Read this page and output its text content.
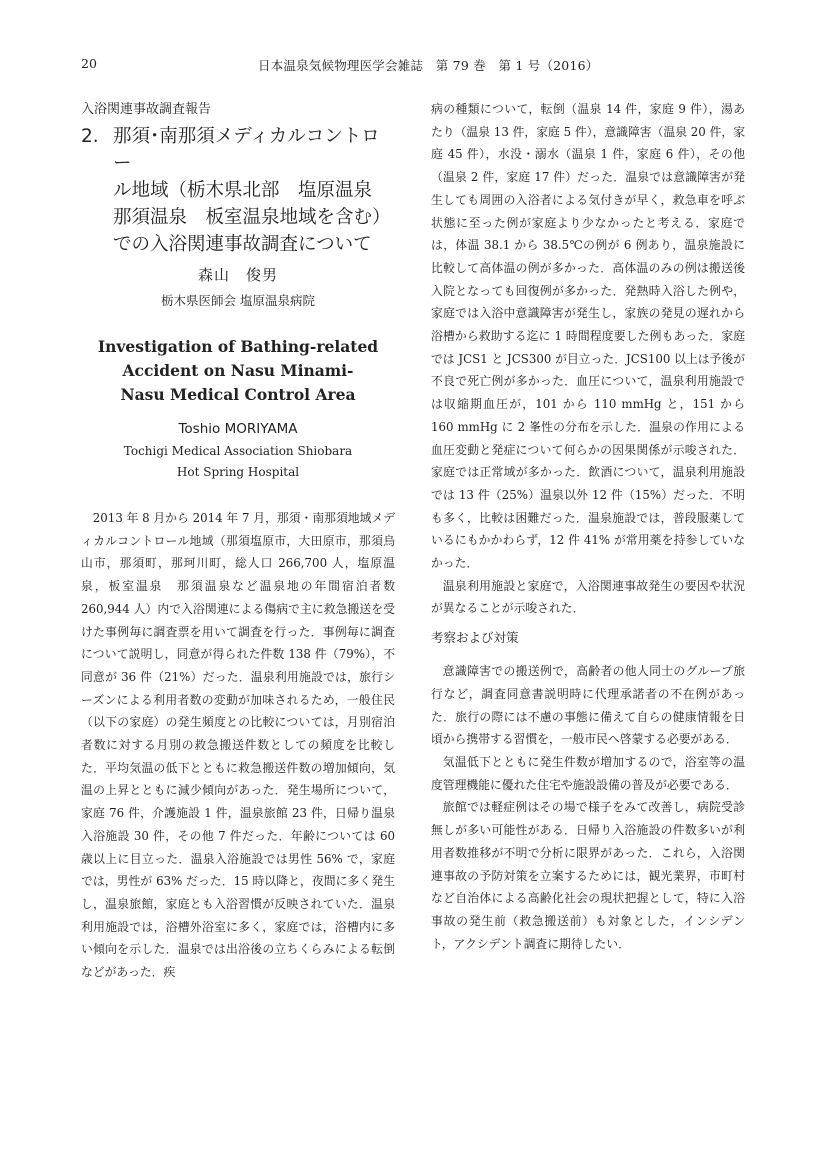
20	日本温泉気候物理医学会雑誌　第 79 巻　第 1 号（2016）

入浴関連事故調査報告

2. 那須･南那須メディカルコントロー
ル地域（栃木県北部　塩原温泉
那須温泉　板室温泉地域を含む）
での入浴関連事故調査について
森山　俊男
栃木県医師会 塩原温泉病院
Investigation of Bathing-related
Accident on Nasu Minami-
Nasu Medical Control Area
Toshio MORIYAMA
Tochigi Medical Association Shiobara
Hot Spring Hospital

2013 年 8 月から 2014 年 7 月，那須・南那須地域メディカルコントロール地域（那須塩原市，大田原市，那須烏山市，那須町，那珂川町，総人口 266,700 人，塩原温泉，板室温泉　那須温泉など温泉地の年間宿泊者数 260,944 人）内で入浴関連による傷病で主に救急搬送を受けた事例毎に調査票を用いて調査を行った．事例毎に調査について説明し，同意が得られた件数 138 件（79%），不同意が 36 件（21%）だった．温泉利用施設では，旅行シーズンによる利用者数の変動が加味されるため，一般住民（以下の家庭）の発生頻度との比較については，月別宿泊者数に対する月別の救急搬送件数としての頻度を比較した．平均気温の低下とともに救急搬送件数の増加傾向，気温の上昇とともに減少傾向があった．発生場所について，家庭 76 件，介護施設 1 件，温泉旅館 23 件，日帰り温泉入浴施設 30 件，その他 7 件だった．年齢については 60 歳以上に目立った．温泉入浴施設では男性 56% で，家庭では，男性が 63% だった．15 時以降と，夜間に多く発生し，温泉旅館，家庭とも入浴習慣が反映されていた．温泉利用施設では，浴槽外浴室に多く，家庭では，浴槽内に多い傾向を示した．温泉では出浴後の立ちくらみによる転倒などがあった．疾

病の種類について，転倒（温泉 14 件，家庭 9 件），湯あたり（温泉 13 件，家庭 5 件），意識障害（温泉 20 件，家庭 45 件），水没・溺水（温泉 1 件，家庭 6 件），その他（温泉 2 件，家庭 17 件）だった．温泉では意識障害が発生しても周囲の入浴者による気付きが早く，救急車を呼ぶ状態に至った例が家庭より少なかったと考える．家庭では，体温 38.1 から 38.5℃の例が 6 例あり，温泉施設に比較して高体温の例が多かった．高体温のみの例は搬送後入院となっても回復例が多かった．発熱時入浴した例や，家庭では入浴中意識障害が発生し，家族の発見の遅れから浴槽から救助する迄に 1 時間程度要した例もあった．家庭では JCS1 と JCS300 が目立った．JCS100 以上は予後が不良で死亡例が多かった．血圧について，温泉利用施設では収縮期血圧が，101 から 110 mmHg と，151 から 160 mmHg に 2 峯性の分布を示した．温泉の作用による血圧変動と発症について何らかの因果関係が示唆された．家庭では正常域が多かった．飲酒について，温泉利用施設では 13 件（25%）温泉以外 12 件（15%）だった．不明も多く，比較は困難だった．温泉施設では，普段服薬しているにもかかわらず，12 件 41% が常用薬を持参していなかった．

温泉利用施設と家庭で，入浴関連事故発生の要因や状況が異なることが示唆された．

考察および対策

意識障害での搬送例で，高齢者の他人同士のグループ旅行など，調査同意書説明時に代理承諾者の不在例があった．旅行の際には不慮の事態に備えて自らの健康情報を日頃から携帯する習慣を，一般市民へ啓蒙する必要がある．

気温低下とともに発生件数が増加するので，浴室等の温度管理機能に優れた住宅や施設設備の普及が必要である．

旅館では軽症例はその場で様子をみて改善し，病院受診無しが多い可能性がある．日帰り入浴施設の件数多いが利用者数推移が不明で分析に限界があった．これら，入浴関連事故の予防対策を立案するためには，観光業界，市町村など自治体による高齢化社会の現状把握として，特に入浴事故の発生前（救急搬送前）も対象とした，インシデント，アクシデント調査に期待したい．
